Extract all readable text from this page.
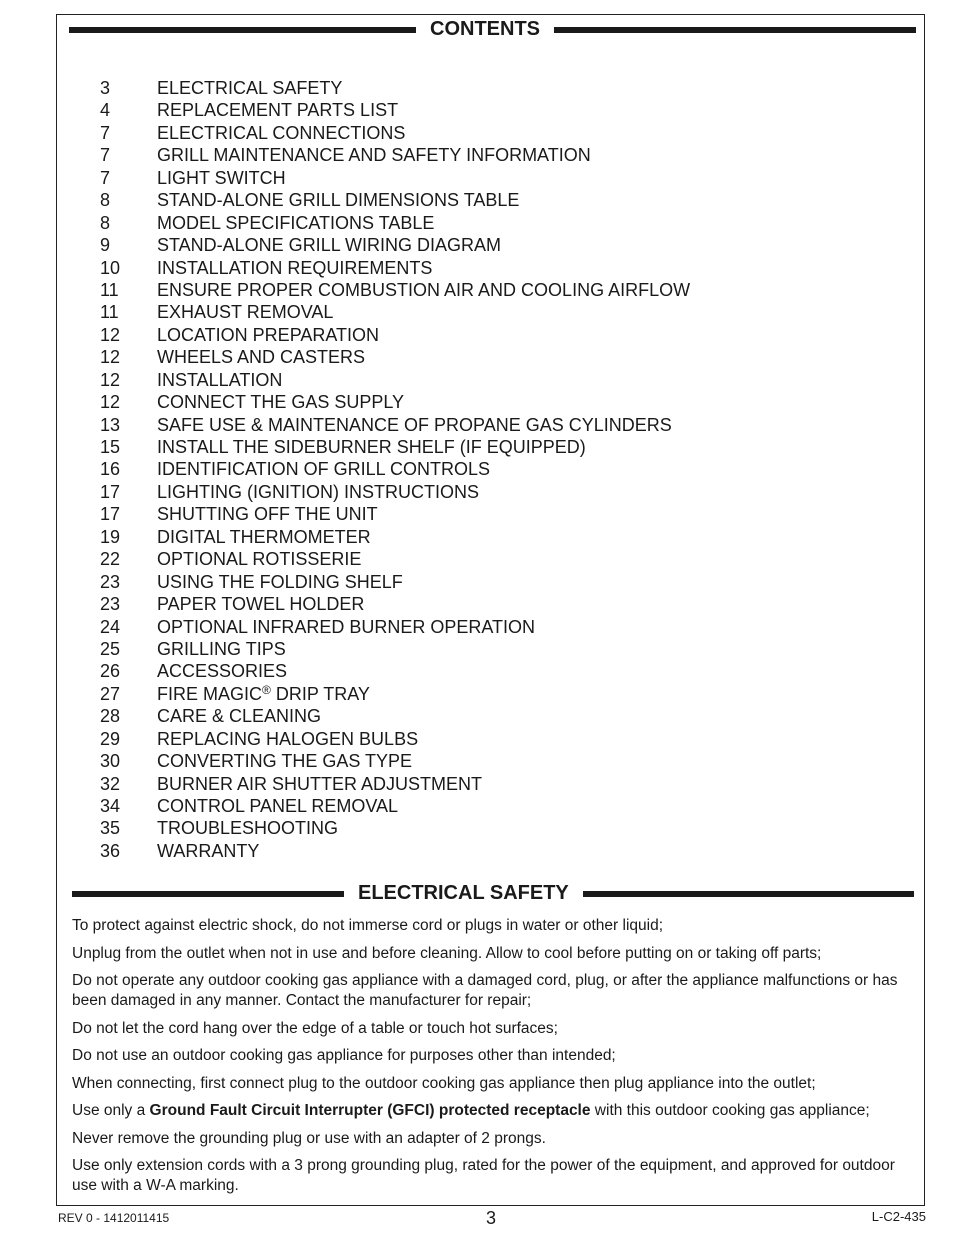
CONTENTS
3	ELECTRICAL SAFETY
4	REPLACEMENT PARTS LIST
7	ELECTRICAL CONNECTIONS
7	GRILL MAINTENANCE AND SAFETY INFORMATION
7	LIGHT SWITCH
8	STAND-ALONE GRILL DIMENSIONS TABLE
8	MODEL SPECIFICATIONS TABLE
9	STAND-ALONE GRILL WIRING DIAGRAM
10	INSTALLATION REQUIREMENTS
11	ENSURE PROPER COMBUSTION AIR AND COOLING AIRFLOW
11	EXHAUST REMOVAL
12	LOCATION PREPARATION
12	WHEELS AND CASTERS
12	INSTALLATION
12	CONNECT THE GAS SUPPLY
13	SAFE USE & MAINTENANCE OF PROPANE GAS CYLINDERS
15	INSTALL THE SIDEBURNER SHELF (IF EQUIPPED)
16	IDENTIFICATION OF GRILL CONTROLS
17	LIGHTING (IGNITION) INSTRUCTIONS
17	SHUTTING OFF THE UNIT
19	DIGITAL THERMOMETER
22	OPTIONAL ROTISSERIE
23	USING THE FOLDING SHELF
23	PAPER TOWEL HOLDER
24	OPTIONAL INFRARED BURNER OPERATION
25	GRILLING TIPS
26	ACCESSORIES
27	FIRE MAGIC® DRIP TRAY
28	CARE & CLEANING
29	REPLACING HALOGEN BULBS
30	CONVERTING THE GAS TYPE
32	BURNER AIR SHUTTER ADJUSTMENT
34	CONTROL PANEL REMOVAL
35	TROUBLESHOOTING
36	WARRANTY
ELECTRICAL SAFETY

To protect against electric shock, do not immerse cord or plugs in water or other liquid;

Unplug from the outlet when not in use and before cleaning. Allow to cool before putting on or taking off parts;

Do not operate any outdoor cooking gas appliance with a damaged cord, plug, or after the appliance malfunctions or has been damaged in any manner. Contact the manufacturer for repair;

Do not let the cord hang over the edge of a table or touch hot surfaces;

Do not use an outdoor cooking gas appliance for purposes other than intended;

When connecting, first connect plug to the outdoor cooking gas appliance then plug appliance into the outlet;

Use only a Ground Fault Circuit Interrupter (GFCI) protected receptacle with this outdoor cooking gas appliance;

Never remove the grounding plug or use with an adapter of 2 prongs.

Use only extension cords with a 3 prong grounding plug, rated for the power of the equipment, and approved for outdoor use with a W-A marking.

REV 0 - 1412011415	3	L-C2-435
